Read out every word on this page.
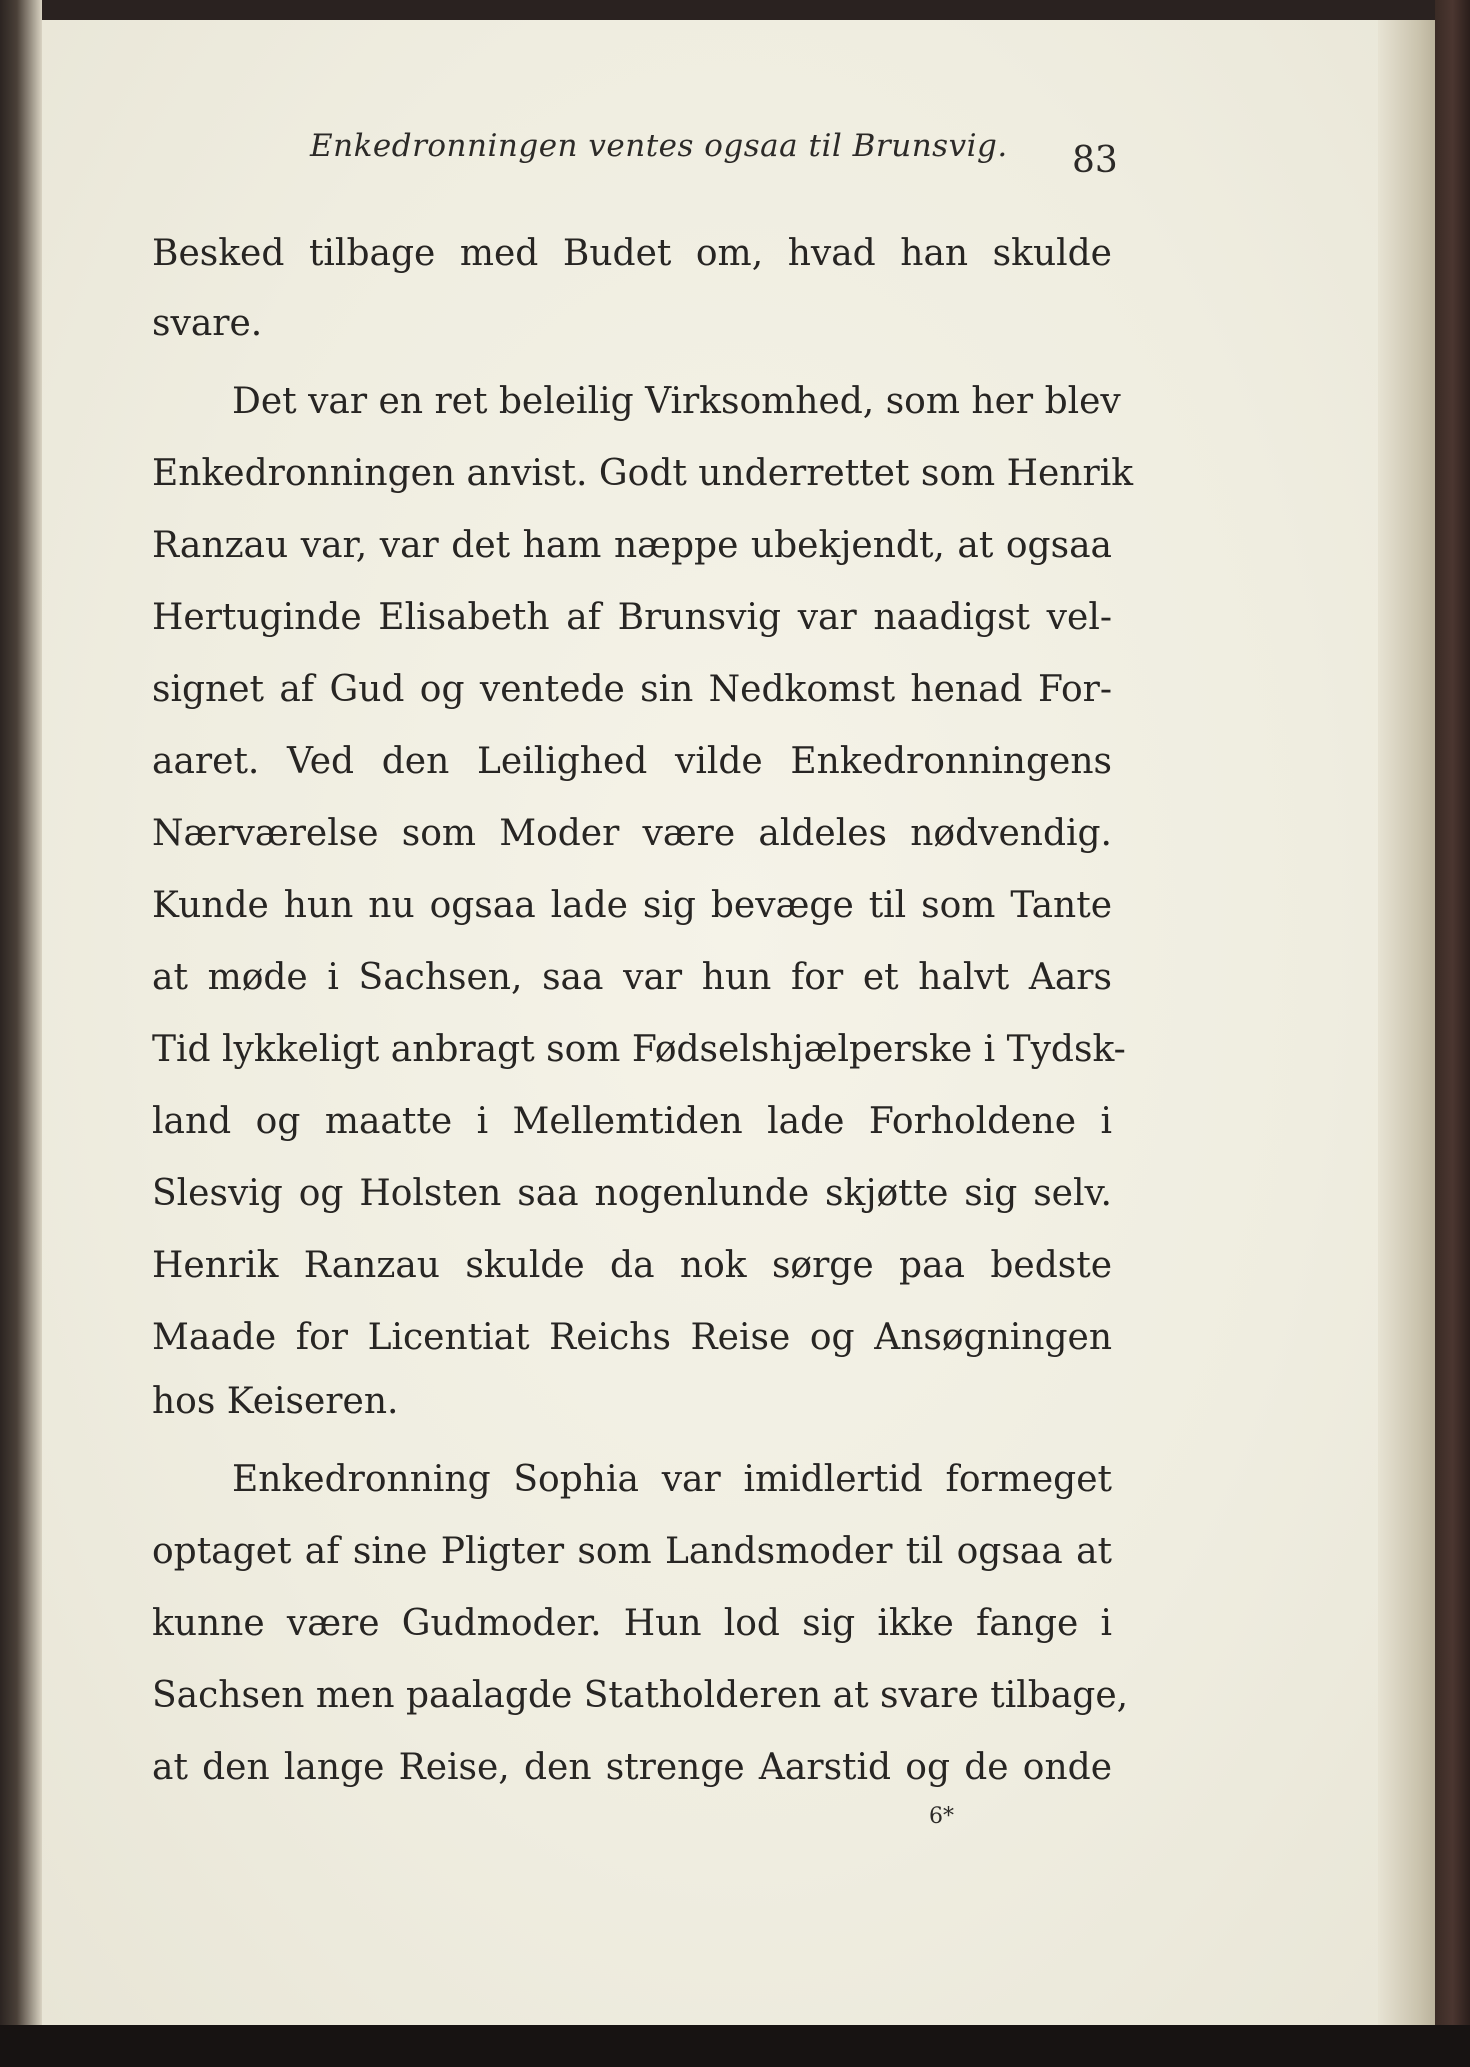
Enkedronningen ventes ogsaa til Brunsvig. 83
Besked tilbage med Budet om, hvad han skulde
svare.
Det var en ret beleilig Virksomhed, som her blev
Enkedronningen anvist. Godt underrettet som Henrik
Ranzau var, var det ham næppe ubekjendt, at ogsaa
Hertuginde Elisabeth af Brunsvig var naadigst vel-
signet af Gud og ventede sin Nedkomst henad For-
aaret. Ved den Leilighed vilde Enkedronningens
Nærværelse som Moder være aldeles nødvendig.
Kunde hun nu ogsaa lade sig bevæge til som Tante
at møde i Sachsen, saa var hun for et halvt Aars
Tid lykkeligt anbragt som Fødselshjælperske i Tydsk-
land og maatte i Mellemtiden lade Forholdene i
Slesvig og Holsten saa nogenlunde skjøtte sig selv.
Henrik Ranzau skulde da nok sørge paa bedste
Maade for Licentiat Reichs Reise og Ansøgningen
hos Keiseren.
Enkedronning Sophia var imidlertid formeget
optaget af sine Pligter som Landsmoder til ogsaa at
kunne være Gudmoder. Hun lod sig ikke fange i
Sachsen men paalagde Statholderen at svare tilbage,
at den lange Reise, den strenge Aarstid og de onde
6*
